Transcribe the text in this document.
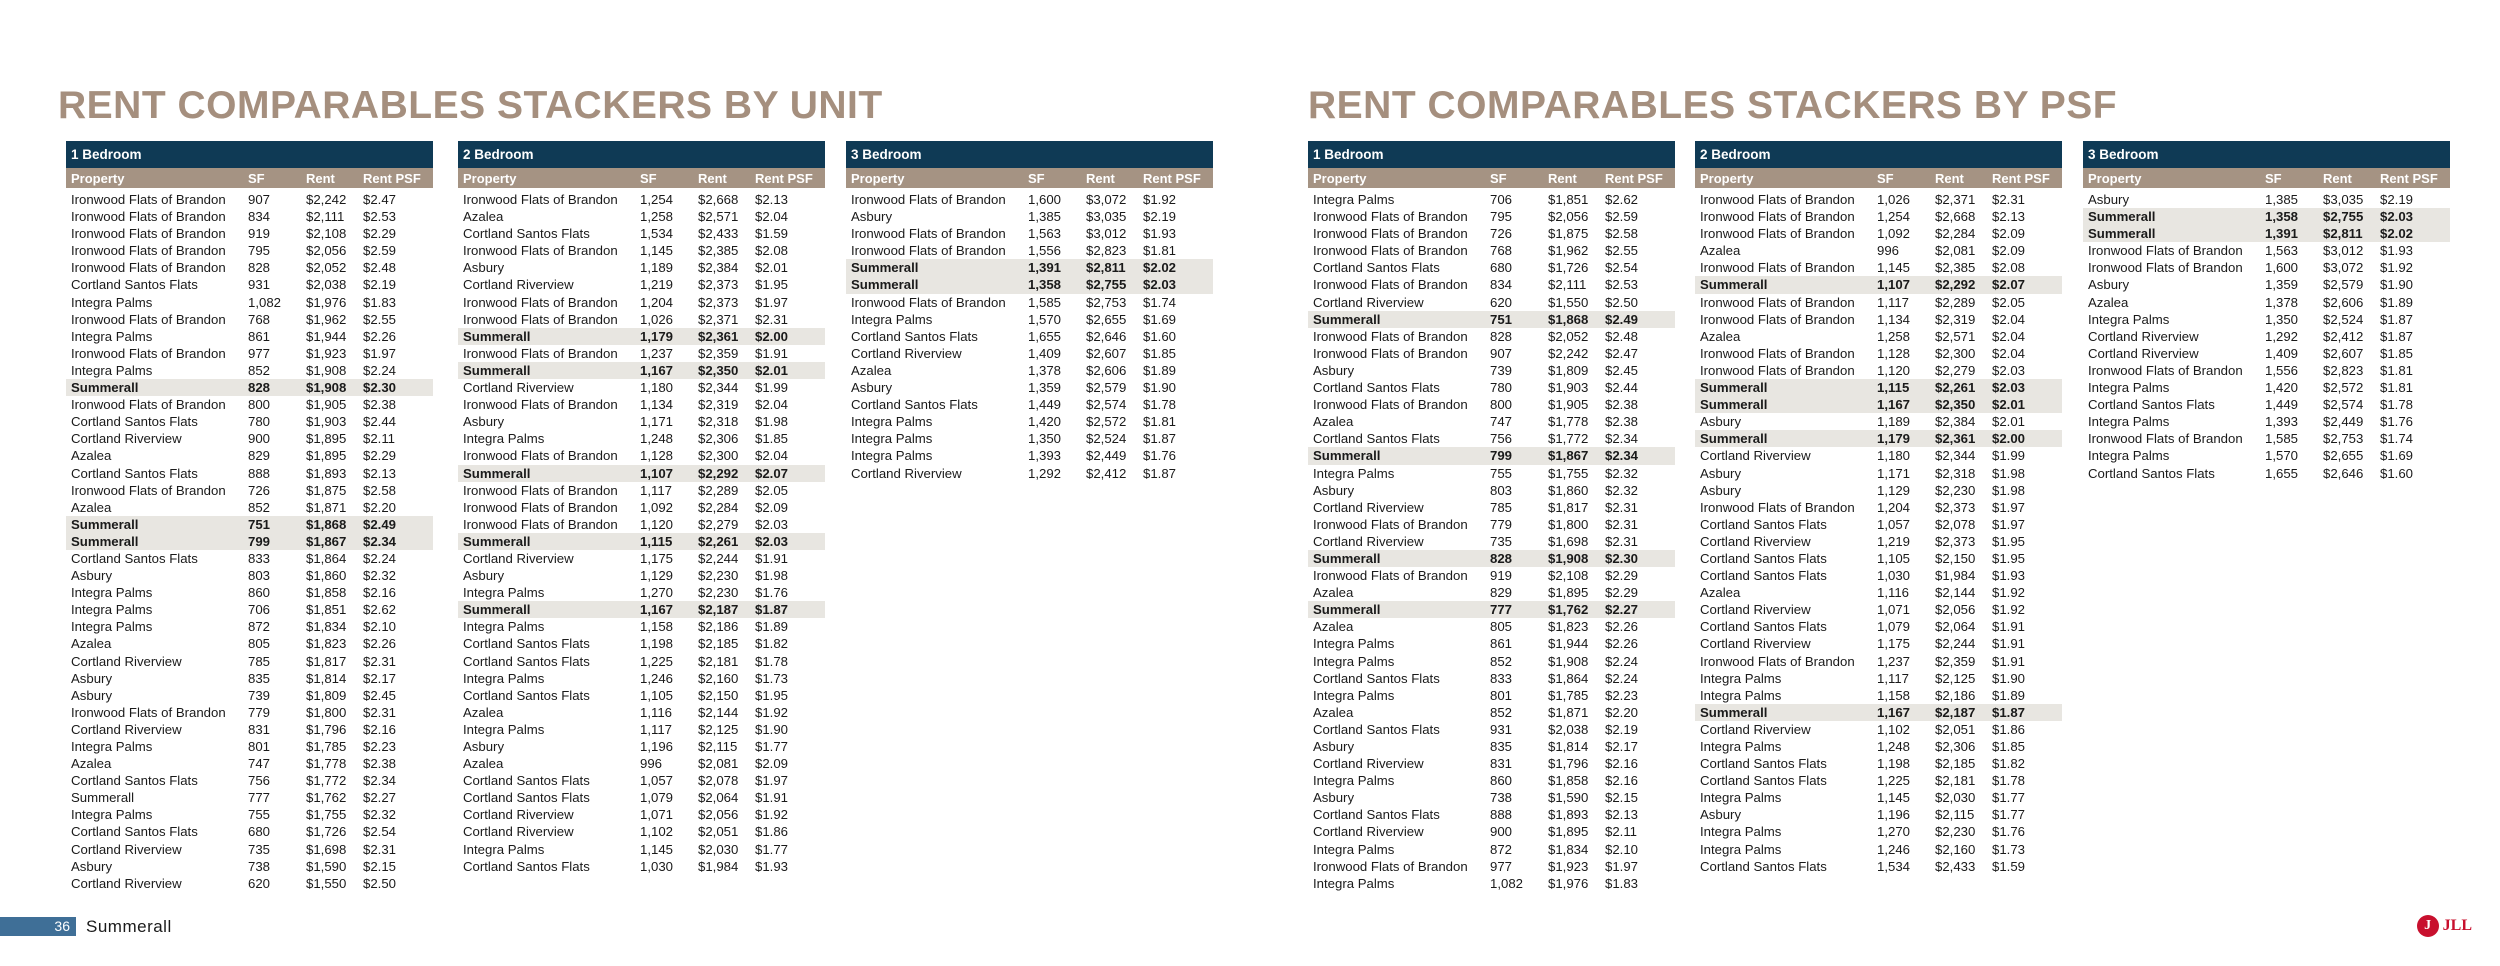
RENT COMPARABLES STACKERS BY UNIT	RENT COMPARABLES STACKERS BY PSF
1 Bedroom
Property	SF	Rent	Rent PSF
Ironwood Flats of Brandon	907	$2,242	$2.47
Ironwood Flats of Brandon	834	$2,111	$2.53
Ironwood Flats of Brandon	919	$2,108	$2.29
Ironwood Flats of Brandon	795	$2,056	$2.59
Ironwood Flats of Brandon	828	$2,052	$2.48
Cortland Santos Flats	931	$2,038	$2.19
Integra Palms	1,082	$1,976	$1.83
Ironwood Flats of Brandon	768	$1,962	$2.55
Integra Palms	861	$1,944	$2.26
Ironwood Flats of Brandon	977	$1,923	$1.97
Integra Palms	852	$1,908	$2.24
Summerall	828	$1,908	$2.30
Ironwood Flats of Brandon	800	$1,905	$2.38
Cortland Santos Flats	780	$1,903	$2.44
Cortland Riverview	900	$1,895	$2.11
Azalea	829	$1,895	$2.29
Cortland Santos Flats	888	$1,893	$2.13
Ironwood Flats of Brandon	726	$1,875	$2.58
Azalea	852	$1,871	$2.20
Summerall	751	$1,868	$2.49
Summerall	799	$1,867	$2.34
Cortland Santos Flats	833	$1,864	$2.24
Asbury	803	$1,860	$2.32
Integra Palms	860	$1,858	$2.16
Integra Palms	706	$1,851	$2.62
Integra Palms	872	$1,834	$2.10
Azalea	805	$1,823	$2.26
Cortland Riverview	785	$1,817	$2.31
Asbury	835	$1,814	$2.17
Asbury	739	$1,809	$2.45
Ironwood Flats of Brandon	779	$1,800	$2.31
Cortland Riverview	831	$1,796	$2.16
Integra Palms	801	$1,785	$2.23
Azalea	747	$1,778	$2.38
Cortland Santos Flats	756	$1,772	$2.34
Summerall	777	$1,762	$2.27
Integra Palms	755	$1,755	$2.32
Cortland Santos Flats	680	$1,726	$2.54
Cortland Riverview	735	$1,698	$2.31
Asbury	738	$1,590	$2.15
Cortland Riverview	620	$1,550	$2.50
2 Bedroom
Property	SF	Rent	Rent PSF
Ironwood Flats of Brandon	1,254	$2,668	$2.13
Azalea	1,258	$2,571	$2.04
Cortland Santos Flats	1,534	$2,433	$1.59
Ironwood Flats of Brandon	1,145	$2,385	$2.08
Asbury	1,189	$2,384	$2.01
Cortland Riverview	1,219	$2,373	$1.95
Ironwood Flats of Brandon	1,204	$2,373	$1.97
Ironwood Flats of Brandon	1,026	$2,371	$2.31
Summerall	1,179	$2,361	$2.00
Ironwood Flats of Brandon	1,237	$2,359	$1.91
Summerall	1,167	$2,350	$2.01
Cortland Riverview	1,180	$2,344	$1.99
Ironwood Flats of Brandon	1,134	$2,319	$2.04
Asbury	1,171	$2,318	$1.98
Integra Palms	1,248	$2,306	$1.85
Ironwood Flats of Brandon	1,128	$2,300	$2.04
Summerall	1,107	$2,292	$2.07
Ironwood Flats of Brandon	1,117	$2,289	$2.05
Ironwood Flats of Brandon	1,092	$2,284	$2.09
Ironwood Flats of Brandon	1,120	$2,279	$2.03
Summerall	1,115	$2,261	$2.03
Cortland Riverview	1,175	$2,244	$1.91
Asbury	1,129	$2,230	$1.98
Integra Palms	1,270	$2,230	$1.76
Summerall	1,167	$2,187	$1.87
Integra Palms	1,158	$2,186	$1.89
Cortland Santos Flats	1,198	$2,185	$1.82
Cortland Santos Flats	1,225	$2,181	$1.78
Integra Palms	1,246	$2,160	$1.73
Cortland Santos Flats	1,105	$2,150	$1.95
Azalea	1,116	$2,144	$1.92
Integra Palms	1,117	$2,125	$1.90
Asbury	1,196	$2,115	$1.77
Azalea	996	$2,081	$2.09
Cortland Santos Flats	1,057	$2,078	$1.97
Cortland Santos Flats	1,079	$2,064	$1.91
Cortland Riverview	1,071	$2,056	$1.92
Cortland Riverview	1,102	$2,051	$1.86
Integra Palms	1,145	$2,030	$1.77
Cortland Santos Flats	1,030	$1,984	$1.93
3 Bedroom
Property	SF	Rent	Rent PSF
Ironwood Flats of Brandon	1,600	$3,072	$1.92
Asbury	1,385	$3,035	$2.19
Ironwood Flats of Brandon	1,563	$3,012	$1.93
Ironwood Flats of Brandon	1,556	$2,823	$1.81
Summerall	1,391	$2,811	$2.02
Summerall	1,358	$2,755	$2.03
Ironwood Flats of Brandon	1,585	$2,753	$1.74
Integra Palms	1,570	$2,655	$1.69
Cortland Santos Flats	1,655	$2,646	$1.60
Cortland Riverview	1,409	$2,607	$1.85
Azalea	1,378	$2,606	$1.89
Asbury	1,359	$2,579	$1.90
Cortland Santos Flats	1,449	$2,574	$1.78
Integra Palms	1,420	$2,572	$1.81
Integra Palms	1,350	$2,524	$1.87
Integra Palms	1,393	$2,449	$1.76
Cortland Riverview	1,292	$2,412	$1.87
1 Bedroom
Property	SF	Rent	Rent PSF
Integra Palms	706	$1,851	$2.62
Ironwood Flats of Brandon	795	$2,056	$2.59
Ironwood Flats of Brandon	726	$1,875	$2.58
Ironwood Flats of Brandon	768	$1,962	$2.55
Cortland Santos Flats	680	$1,726	$2.54
Ironwood Flats of Brandon	834	$2,111	$2.53
Cortland Riverview	620	$1,550	$2.50
Summerall	751	$1,868	$2.49
Ironwood Flats of Brandon	828	$2,052	$2.48
Ironwood Flats of Brandon	907	$2,242	$2.47
Asbury	739	$1,809	$2.45
Cortland Santos Flats	780	$1,903	$2.44
Ironwood Flats of Brandon	800	$1,905	$2.38
Azalea	747	$1,778	$2.38
Cortland Santos Flats	756	$1,772	$2.34
Summerall	799	$1,867	$2.34
Integra Palms	755	$1,755	$2.32
Asbury	803	$1,860	$2.32
Cortland Riverview	785	$1,817	$2.31
Ironwood Flats of Brandon	779	$1,800	$2.31
Cortland Riverview	735	$1,698	$2.31
Summerall	828	$1,908	$2.30
Ironwood Flats of Brandon	919	$2,108	$2.29
Azalea	829	$1,895	$2.29
Summerall	777	$1,762	$2.27
Azalea	805	$1,823	$2.26
Integra Palms	861	$1,944	$2.26
Integra Palms	852	$1,908	$2.24
Cortland Santos Flats	833	$1,864	$2.24
Integra Palms	801	$1,785	$2.23
Azalea	852	$1,871	$2.20
Cortland Santos Flats	931	$2,038	$2.19
Asbury	835	$1,814	$2.17
Cortland Riverview	831	$1,796	$2.16
Integra Palms	860	$1,858	$2.16
Asbury	738	$1,590	$2.15
Cortland Santos Flats	888	$1,893	$2.13
Cortland Riverview	900	$1,895	$2.11
Integra Palms	872	$1,834	$2.10
Ironwood Flats of Brandon	977	$1,923	$1.97
Integra Palms	1,082	$1,976	$1.83
2 Bedroom
Property	SF	Rent	Rent PSF
Ironwood Flats of Brandon	1,026	$2,371	$2.31
Ironwood Flats of Brandon	1,254	$2,668	$2.13
Ironwood Flats of Brandon	1,092	$2,284	$2.09
Azalea	996	$2,081	$2.09
Ironwood Flats of Brandon	1,145	$2,385	$2.08
Summerall	1,107	$2,292	$2.07
Ironwood Flats of Brandon	1,117	$2,289	$2.05
Ironwood Flats of Brandon	1,134	$2,319	$2.04
Azalea	1,258	$2,571	$2.04
Ironwood Flats of Brandon	1,128	$2,300	$2.04
Ironwood Flats of Brandon	1,120	$2,279	$2.03
Summerall	1,115	$2,261	$2.03
Summerall	1,167	$2,350	$2.01
Asbury	1,189	$2,384	$2.01
Summerall	1,179	$2,361	$2.00
Cortland Riverview	1,180	$2,344	$1.99
Asbury	1,171	$2,318	$1.98
Asbury	1,129	$2,230	$1.98
Ironwood Flats of Brandon	1,204	$2,373	$1.97
Cortland Santos Flats	1,057	$2,078	$1.97
Cortland Riverview	1,219	$2,373	$1.95
Cortland Santos Flats	1,105	$2,150	$1.95
Cortland Santos Flats	1,030	$1,984	$1.93
Azalea	1,116	$2,144	$1.92
Cortland Riverview	1,071	$2,056	$1.92
Cortland Santos Flats	1,079	$2,064	$1.91
Cortland Riverview	1,175	$2,244	$1.91
Ironwood Flats of Brandon	1,237	$2,359	$1.91
Integra Palms	1,117	$2,125	$1.90
Integra Palms	1,158	$2,186	$1.89
Summerall	1,167	$2,187	$1.87
Cortland Riverview	1,102	$2,051	$1.86
Integra Palms	1,248	$2,306	$1.85
Cortland Santos Flats	1,198	$2,185	$1.82
Cortland Santos Flats	1,225	$2,181	$1.78
Integra Palms	1,145	$2,030	$1.77
Asbury	1,196	$2,115	$1.77
Integra Palms	1,270	$2,230	$1.76
Integra Palms	1,246	$2,160	$1.73
Cortland Santos Flats	1,534	$2,433	$1.59
3 Bedroom
Property	SF	Rent	Rent PSF
Asbury	1,385	$3,035	$2.19
Summerall	1,358	$2,755	$2.03
Summerall	1,391	$2,811	$2.02
Ironwood Flats of Brandon	1,563	$3,012	$1.93
Ironwood Flats of Brandon	1,600	$3,072	$1.92
Asbury	1,359	$2,579	$1.90
Azalea	1,378	$2,606	$1.89
Integra Palms	1,350	$2,524	$1.87
Cortland Riverview	1,292	$2,412	$1.87
Cortland Riverview	1,409	$2,607	$1.85
Ironwood Flats of Brandon	1,556	$2,823	$1.81
Integra Palms	1,420	$2,572	$1.81
Cortland Santos Flats	1,449	$2,574	$1.78
Integra Palms	1,393	$2,449	$1.76
Ironwood Flats of Brandon	1,585	$2,753	$1.74
Integra Palms	1,570	$2,655	$1.69
Cortland Santos Flats	1,655	$2,646	$1.60
36 Summerall	J JLL
